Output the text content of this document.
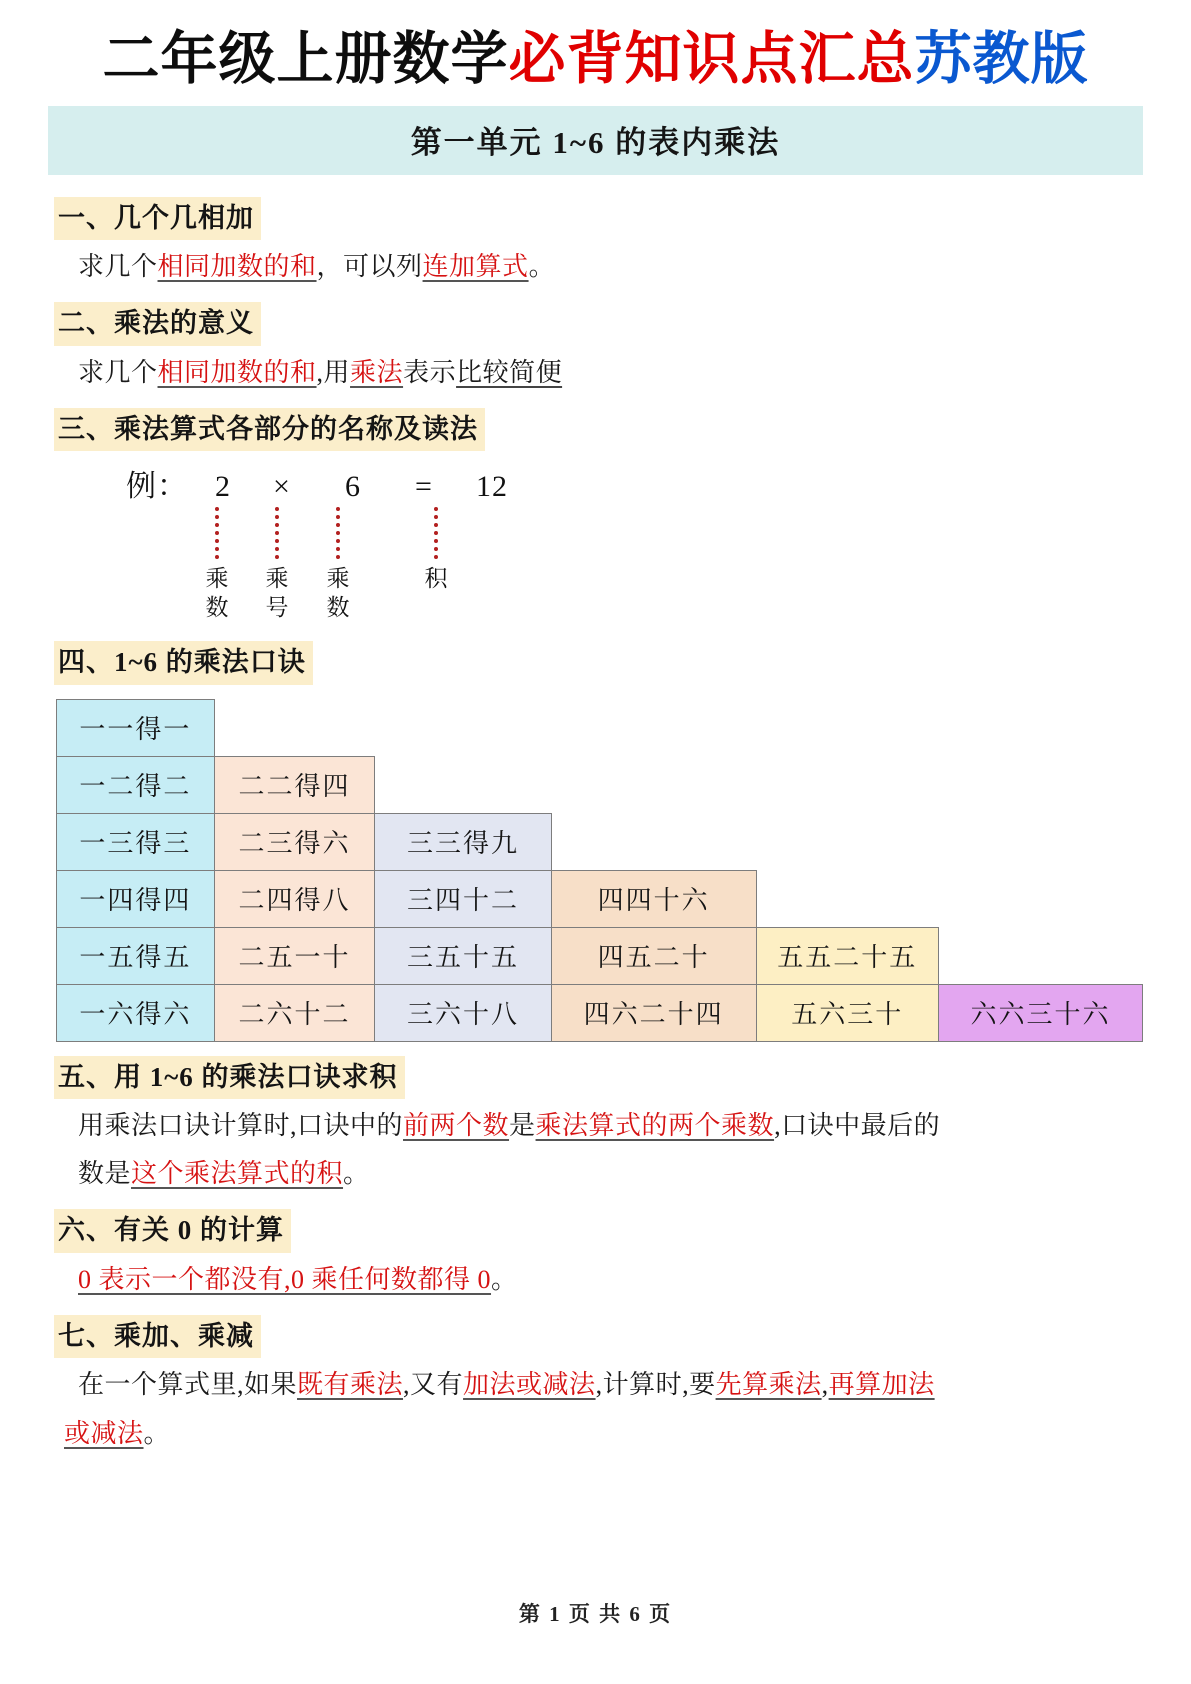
二年级上册数学必背知识点汇总苏教版
第一单元 1~6 的表内乘法
一、几个几相加
求几个相同加数的和，可以列连加算式。
二、乘法的意义
求几个相同加数的和,用乘法表示比较简便
三、乘法算式各部分的名称及读法
例： 2 × 6 = 12
乘
数
乘
号
乘
数
积
四、1~6 的乘法口诀
一一得一					
一二得二	二二得四				
一三得三	二三得六	三三得九			
一四得四	二四得八	三四十二	四四十六		
一五得五	二五一十	三五十五	四五二十	五五二十五	
一六得六	二六十二	三六十八	四六二十四	五六三十	六六三十六
五、用 1~6 的乘法口诀求积
用乘法口诀计算时,口诀中的前两个数是乘法算式的两个乘数,口诀中最后的
数是这个乘法算式的积。
六、有关 0 的计算
0 表示一个都没有,0 乘任何数都得 0。
七、乘加、乘减
在一个算式里,如果既有乘法,又有加法或减法,计算时,要先算乘法,再算加法
或减法。
第 1 页 共 6 页
